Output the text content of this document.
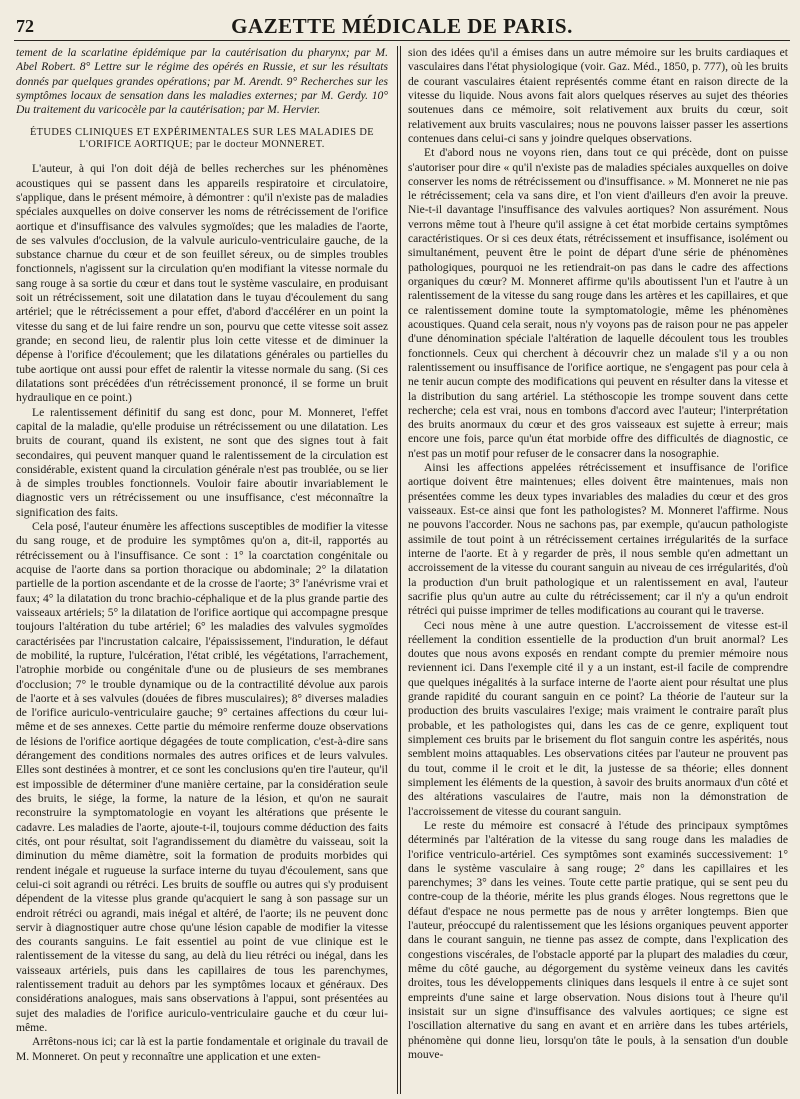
72	GAZETTE MÉDICALE DE PARIS.

tement de la scarlatine épidémique par la cautérisation du pharynx; par M. Abel Robert. 8° Lettre sur le régime des opérés en Russie, et sur les résultats donnés par quelques grandes opérations; par M. Arendt. 9° Recherches sur les symptômes locaux de sensation dans les maladies externes; par M. Gerdy. 10° Du traitement du varicocèle par la cautérisation; par M. Hervier.

ÉTUDES CLINIQUES ET EXPÉRIMENTALES SUR LES MALADIES DE L'ORIFICE AORTIQUE; par le docteur MONNERET.

L'auteur, à qui l'on doit déjà de belles recherches sur les phénomènes acoustiques qui se passent dans les appareils respiratoire et circulatoire, s'applique, dans le présent mémoire, à démontrer : qu'il n'existe pas de maladies spéciales auxquelles on doive conserver les noms de rétrécissement de l'orifice aortique et d'insuffisance des valvules sygmoïdes; que les maladies de l'aorte, de ses valvules d'occlusion, de la valvule auriculo-ventriculaire gauche, de la substance charnue du cœur et de son feuillet séreux, ou de simples troubles fonctionnels, n'agissent sur la circulation qu'en modifiant la vitesse normale du sang rouge à sa sortie du cœur et dans tout le système vasculaire, en produisant soit un rétrécissement, soit une dilatation dans le tuyau d'écoulement du sang artériel; que le rétrécissement a pour effet, d'abord d'accélérer en un point la vitesse du sang et de lui faire rendre un son, pourvu que cette vitesse soit assez grande; en second lieu, de ralentir plus loin cette vitesse et de diminuer la dépense à l'orifice d'écoulement; que les dilatations générales ou partielles du tube aortique ont aussi pour effet de ralentir la vitesse normale du sang. (Si ces dilatations sont précédées d'un rétrécissement prononcé, il se forme un bruit hydraulique en ce point.)

Le ralentissement définitif du sang est donc, pour M. Monneret, l'effet capital de la maladie, qu'elle produise un rétrécissement ou une dilatation. Les bruits de courant, quand ils existent, ne sont que des signes tout à fait secondaires, qui peuvent manquer quand le ralentissement de la circulation est considérable, existent quand la circulation générale n'est pas troublée, ou se lier à de simples troubles fonctionnels. Vouloir faire aboutir invariablement le diagnostic vers un rétrécissement ou une insuffisance, c'est méconnaître la signification des faits.

Cela posé, l'auteur énumère les affections susceptibles de modifier la vitesse du sang rouge, et de produire les symptômes qu'on a, dit-il, rapportés au rétrécissement ou à l'insuffisance. Ce sont : 1° la coarctation congénitale ou acquise de l'aorte dans sa portion thoracique ou abdominale; 2° la dilatation partielle de la portion ascendante et de la crosse de l'aorte; 3° l'anévrisme vrai et faux; 4° la dilatation du tronc brachio-céphalique et de la plus grande partie des vaisseaux artériels; 5° la dilatation de l'orifice aortique qui accompagne presque toujours l'altération du tube artériel; 6° les maladies des valvules sygmoïdes caractérisées par l'incrustation calcaire, l'épaississement, l'induration, le défaut de mobilité, la rupture, l'ulcération, l'état criblé, les végétations, l'arrachement, l'atrophie morbide ou congénitale d'une ou de plusieurs de ses membranes d'occlusion; 7° le trouble dynamique ou de la contractilité dévolue aux parois de l'aorte et à ses valvules (douées de fibres musculaires); 8° diverses maladies de l'orifice auriculo-ventriculaire gauche; 9° certaines affections du cœur lui-même et de ses annexes. Cette partie du mémoire renferme douze observations de lésions de l'orifice aortique dégagées de toute complication, c'est-à-dire sans dérangement des conditions normales des autres orifices et de leurs valvules. Elles sont destinées à montrer, et ce sont les conclusions qu'en tire l'auteur, qu'il est impossible de déterminer d'une manière certaine, par la considération seule des bruits, le siége, la forme, la nature de la lésion, et qu'on ne saurait reconstruire la symptomatologie en voyant les altérations que présente le cadavre. Les maladies de l'aorte, ajoute-t-il, toujours comme déduction des faits cités, ont pour résultat, soit l'agrandissement du diamètre du vaisseau, soit la diminution du même diamètre, soit la formation de produits morbides qui rendent inégale et rugueuse la surface interne du tuyau d'écoulement, sans que celui-ci soit agrandi ou rétréci. Les bruits de souffle ou autres qui s'y produisent dépendent de la vitesse plus grande qu'acquiert le sang à son passage sur un endroit rétréci ou agrandi, mais inégal et altéré, de l'aorte; ils ne peuvent donc servir à diagnostiquer autre chose qu'une lésion capable de modifier la vitesse des courants sanguins. Le fait essentiel au point de vue clinique est le ralentissement de la vitesse du sang, au delà du lieu rétréci ou inégal, dans les vaisseaux artériels, puis dans les capillaires de tous les parenchymes, ralentissement traduit au dehors par les symptômes locaux et généraux. Des considérations analogues, mais sans observations à l'appui, sont présentées au sujet des maladies de l'orifice auriculo-ventriculaire gauche et du cœur lui-même.

Arrêtons-nous ici; car là est la partie fondamentale et originale du travail de M. Monneret. On peut y reconnaître une application et une exten-

sion des idées qu'il a émises dans un autre mémoire sur les bruits cardiaques et vasculaires dans l'état physiologique (voir. Gaz. Méd., 1850, p. 777), où les bruits de courant vasculaires étaient représentés comme étant en raison directe de la vitesse du liquide. Nous avons fait alors quelques réserves au sujet des théories soutenues dans ce mémoire, soit relativement aux bruits du cœur, soit relativement aux bruits vasculaires; nous ne pouvons laisser passer les assertions contenues dans celui-ci sans y joindre quelques observations.

Et d'abord nous ne voyons rien, dans tout ce qui précède, dont on puisse s'autoriser pour dire « qu'il n'existe pas de maladies spéciales auxquelles on doive conserver les noms de rétrécissement ou d'insuffisance. » M. Monneret ne nie pas le rétrécissement; cela va sans dire, et l'on vient d'ailleurs d'en avoir la preuve. Nie-t-il davantage l'insuffisance des valvules aortiques? Non assurément. Nous verrons même tout à l'heure qu'il assigne à cet état morbide certains symptômes caractéristiques. Or si ces deux états, rétrécissement et insuffisance, isolément ou simultanément, peuvent être le point de départ d'une série de phénomènes pathologiques, pourquoi ne les retiendrait-on pas dans le cadre des affections organiques du cœur? M. Monneret affirme qu'ils aboutissent l'un et l'autre à un ralentissement de la vitesse du sang rouge dans les artères et les capillaires, et que ce ralentissement domine toute la symptomatologie, même les phénomènes acoustiques. Quand cela serait, nous n'y voyons pas de raison pour ne pas appeler d'une dénomination spéciale l'altération de laquelle découlent tous les troubles fonctionnels. Ceux qui cherchent à découvrir chez un malade s'il y a ou non ralentissement ou insuffisance de l'orifice aortique, ne s'engagent pas pour cela à ne tenir aucun compte des modifications qui peuvent en résulter dans la vitesse et la distribution du sang artériel. La stéthoscopie les trompe souvent dans cette recherche; cela est vrai, nous en tombons d'accord avec l'auteur; l'interprétation des bruits anormaux du cœur et des gros vaisseaux est sujette à erreur; mais encore une fois, parce qu'un état morbide offre des difficultés de diagnostic, ce n'est pas un motif pour refuser de le consacrer dans la nosographie.

Ainsi les affections appelées rétrécissement et insuffisance de l'orifice aortique doivent être maintenues; elles doivent être maintenues, mais non présentées comme les deux types invariables des maladies du cœur et des gros vaisseaux. Est-ce ainsi que font les pathologistes? M. Monneret l'affirme. Nous ne pouvons l'accorder. Nous ne sachons pas, par exemple, qu'aucun pathologiste assimile de tout point à un rétrécissement certaines irrégularités de la surface interne de l'aorte. Et à y regarder de près, il nous semble qu'en admettant un accroissement de la vitesse du courant sanguin au niveau de ces irrégularités, d'où la production d'un bruit pathologique et un ralentissement en aval, l'auteur sacrifie plus qu'un autre au culte du rétrécissement; car il n'y a qu'un endroit rétréci qui puisse imprimer de telles modifications au courant qui le traverse.

Ceci nous mène à une autre question. L'accroissement de vitesse est-il réellement la condition essentielle de la production d'un bruit anormal? Les doutes que nous avons exposés en rendant compte du premier mémoire nous reviennent ici. Dans l'exemple cité il y a un instant, est-il facile de comprendre que quelques inégalités à la surface interne de l'aorte aient pour résultat une plus grande rapidité du courant sanguin en ce point? La théorie de l'auteur sur la production des bruits vasculaires l'exige; mais vraiment le contraire paraît plus probable, et les pathologistes qui, dans les cas de ce genre, expliquent tout simplement ces bruits par le brisement du flot sanguin contre les aspérités, nous semblent moins attaquables. Les observations citées par l'auteur ne prouvent pas du tout, comme il le croit et le dit, la justesse de sa théorie; elles donnent simplement les éléments de la question, à savoir des bruits anormaux d'un côté et des altérations vasculaires de l'autre, mais non la démonstration de l'accroissement de vitesse du courant sanguin.

Le reste du mémoire est consacré à l'étude des principaux symptômes déterminés par l'altération de la vitesse du sang rouge dans les maladies de l'orifice ventriculo-artériel. Ces symptômes sont examinés successivement: 1° dans le système vasculaire à sang rouge; 2° dans les capillaires et les parenchymes; 3° dans les veines. Toute cette partie pratique, qui se sent peu du contre-coup de la théorie, mérite les plus grands éloges. Nous regrettons que le défaut d'espace ne nous permette pas de nous y arrêter longtemps. Bien que l'auteur, préoccupé du ralentissement que les lésions organiques peuvent apporter dans le courant sanguin, ne tienne pas assez de compte, dans l'explication des congestions viscérales, de l'obstacle apporté par la plupart des maladies du cœur, même du côté gauche, au dégorgement du système veineux dans les cavités droites, tous les développements cliniques dans lesquels il entre à ce sujet sont empreints d'une saine et large observation. Nous disions tout à l'heure qu'il insistait sur un signe d'insuffisance des valvules aortiques; ce signe est l'oscillation alternative du sang en avant et en arrière dans les tubes artériels, phénomène qui donne lieu, lorsqu'on tâte le pouls, à la sensation d'un double mouve-
